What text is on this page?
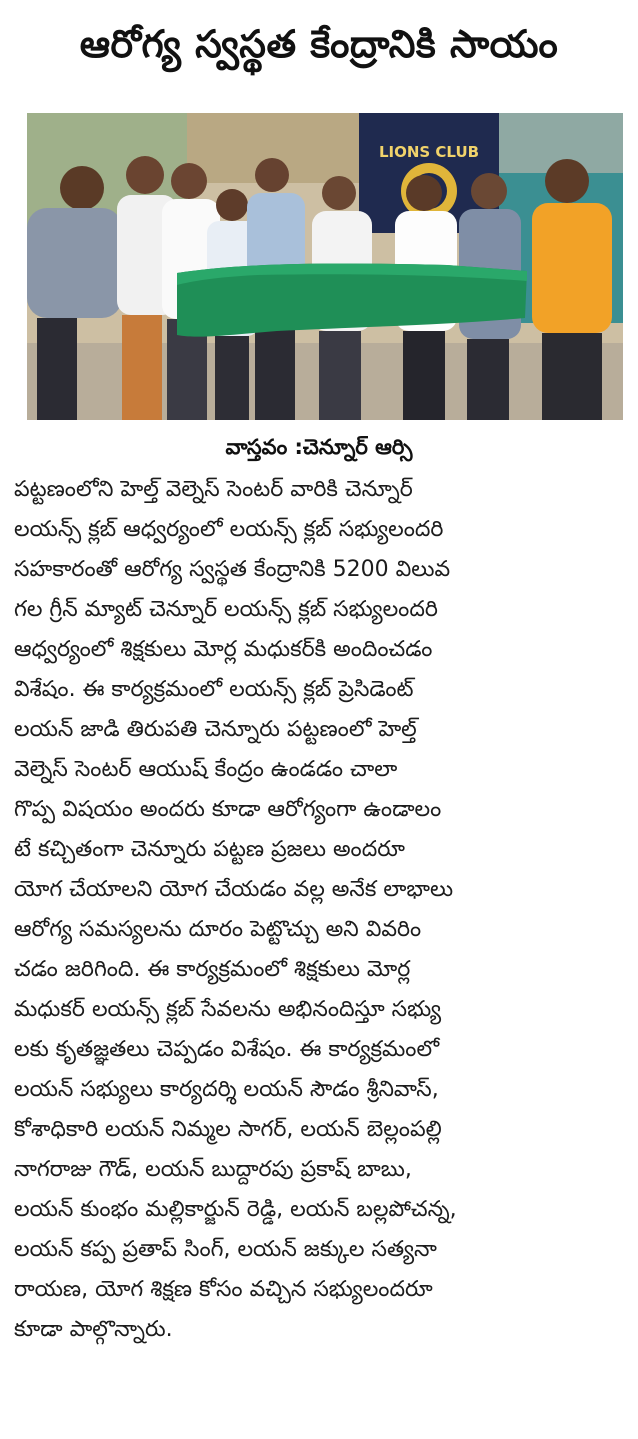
ఆరోగ్య స్వస్థత కేంద్రానికి సాయం
LIONS CLUB
వాస్తవం :చెన్నూర్ ఆర్సి
పట్టణంలోని హెల్త్ వెల్నెస్ సెంటర్ వారికి చెన్నూర్
లయన్స్ క్లబ్ ఆధ్వర్యంలో లయన్స్ క్లబ్ సభ్యులందరి
సహకారంతో ఆరోగ్య స్వస్థత కేంద్రానికి 5200 విలువ
గల గ్రీన్ మ్యాట్ చెన్నూర్ లయన్స్ క్లబ్ సభ్యులందరి
ఆధ్వర్యంలో శిక్షకులు మోర్ల మధుకర్‌కి అందించడం
విశేషం. ఈ కార్యక్రమంలో లయన్స్ క్లబ్ ప్రెసిడెంట్
లయన్ జాడి తిరుపతి చెన్నూరు పట్టణంలో హెల్త్
వెల్నెస్ సెంటర్ ఆయుష్ కేంద్రం ఉండడం చాలా
గొప్ప విషయం అందరు కూడా ఆరోగ్యంగా ఉండాలం
టే కచ్చితంగా చెన్నూరు పట్టణ ప్రజలు అందరూ
యోగ చేయాలని యోగ చేయడం వల్ల అనేక లాభాలు
ఆరోగ్య సమస్యలను దూరం పెట్టొచ్చు అని వివరిం
చడం జరిగింది. ఈ కార్యక్రమంలో శిక్షకులు మోర్ల
మధుకర్ లయన్స్ క్లబ్ సేవలను అభినందిస్తూ సభ్యు
లకు కృతజ్ఞతలు చెప్పడం విశేషం. ఈ కార్యక్రమంలో
లయన్ సభ్యులు కార్యదర్శి లయన్ సౌడం శ్రీనివాస్,
కోశాధికారి లయన్ నిమ్మల సాగర్, లయన్ బెల్లంపల్లి
నాగరాజు గౌడ్, లయన్ బుద్దారపు ప్రకాష్ బాబు,
లయన్ కుంభం మల్లికార్జున్ రెడ్డి, లయన్ బల్లపోచన్న,
లయన్ కప్ప ప్రతాప్ సింగ్, లయన్ జక్కుల సత్యనా
రాయణ, యోగ శిక్షణ కోసం వచ్చిన సభ్యులందరూ
కూడా పాల్గొన్నారు.
